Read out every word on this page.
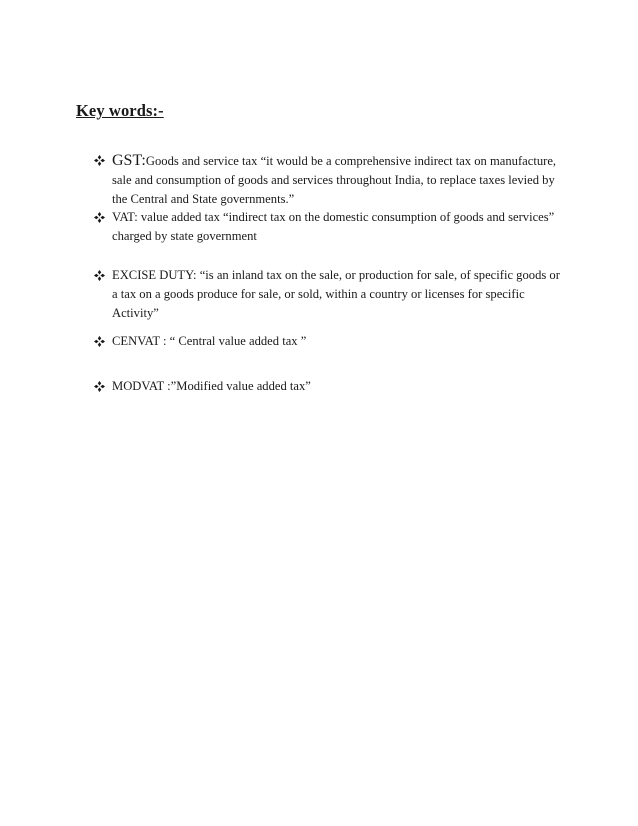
Key words:-
GST:Goods and service tax “it would be a comprehensive indirect tax on manufacture, sale and consumption of goods and services throughout India, to replace taxes levied by the Central and State governments.”
VAT: value added tax “indirect tax on the domestic consumption of goods and services” charged by state government
EXCISE DUTY: “is an inland tax on the sale, or production for sale, of specific goods or a tax on a goods produce for sale, or sold, within a country or licenses for specific Activity”
CENVAT : “ Central value added tax ”
MODVAT :”Modified value added tax”
